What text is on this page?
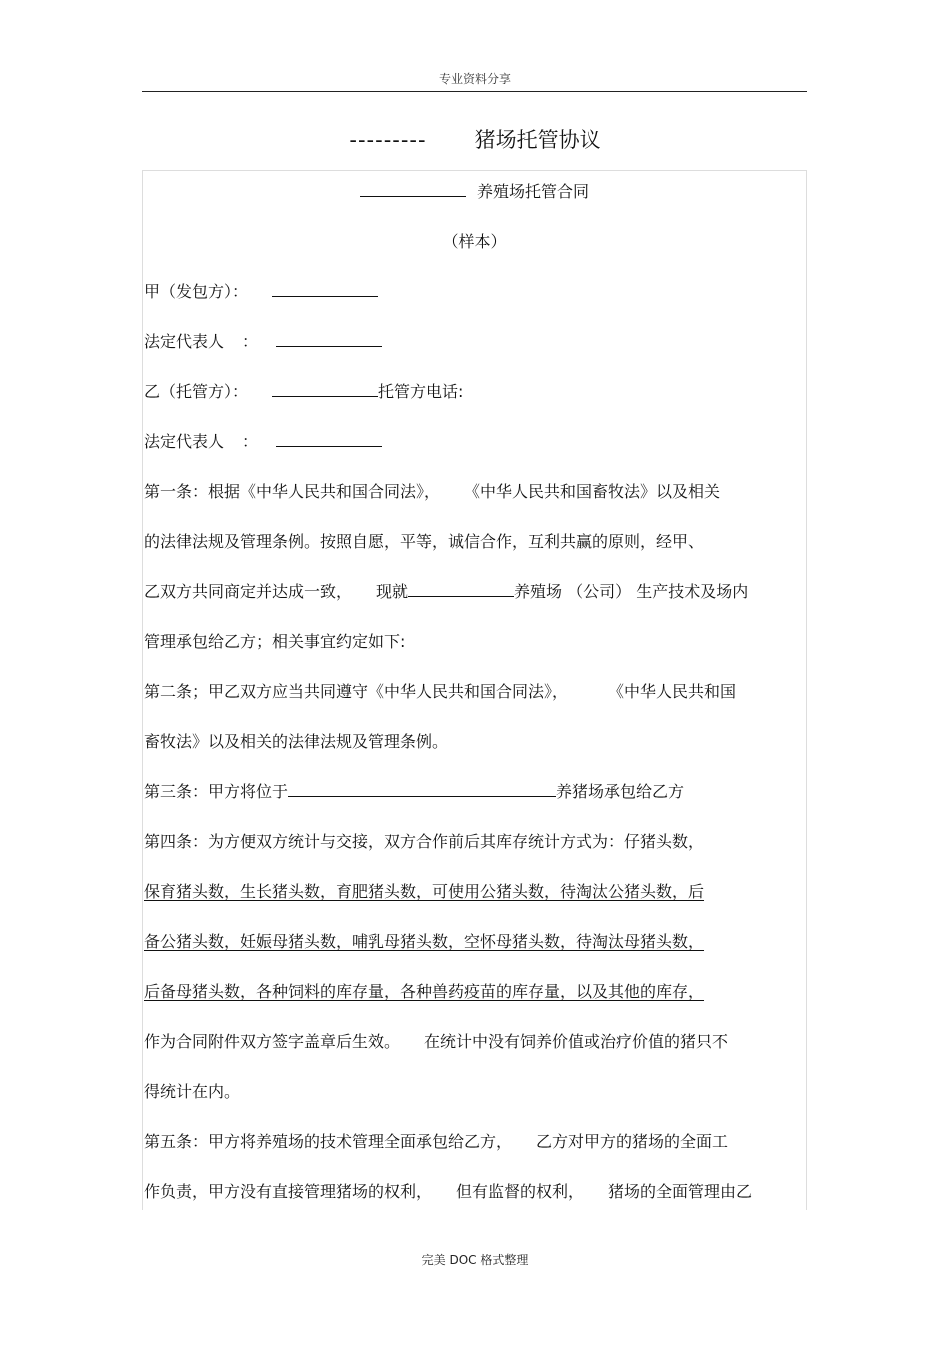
专业资料分享
--------- 猪场托管协议
养殖场托管合同
（样本）
甲（发包方）：
法定代表人 ：
乙（托管方）：	托管方电话:
法定代表人 ：
第一条：根据《中华人民共和国合同法》， 《中华人民共和国畜牧法》以及相关
的法律法规及管理条例。按照自愿，平等，诚信合作，互利共赢的原则，经甲、
乙双方共同商定并达成一致， 现就	养殖场 （公司） 生产技术及场内
管理承包给乙方；相关事宜约定如下:
第二条；甲乙双方应当共同遵守《中华人民共和国合同法》，	《中华人民共和国
畜牧法》以及相关的法律法规及管理条例。
第三条：甲方将位于	养猪场承包给乙方
第四条：为方便双方统计与交接，双方合作前后其库存统计方式为：仔猪头数，
保育猪头数，生长猪头数，育肥猪头数，可使用公猪头数，待淘汰公猪头数，后
备公猪头数，妊娠母猪头数，哺乳母猪头数，空怀母猪头数，待淘汰母猪头数，
后备母猪头数，各种饲料的库存量，各种兽药疫苗的库存量，以及其他的库存，
作为合同附件双方签字盖章后生效。 在统计中没有饲养价值或治疗价值的猪只不
得统计在内。
第五条：甲方将养殖场的技术管理全面承包给乙方， 乙方对甲方的猪场的全面工
作负责，甲方没有直接管理猪场的权利， 但有监督的权利， 猪场的全面管理由乙
完美 DOC 格式整理
